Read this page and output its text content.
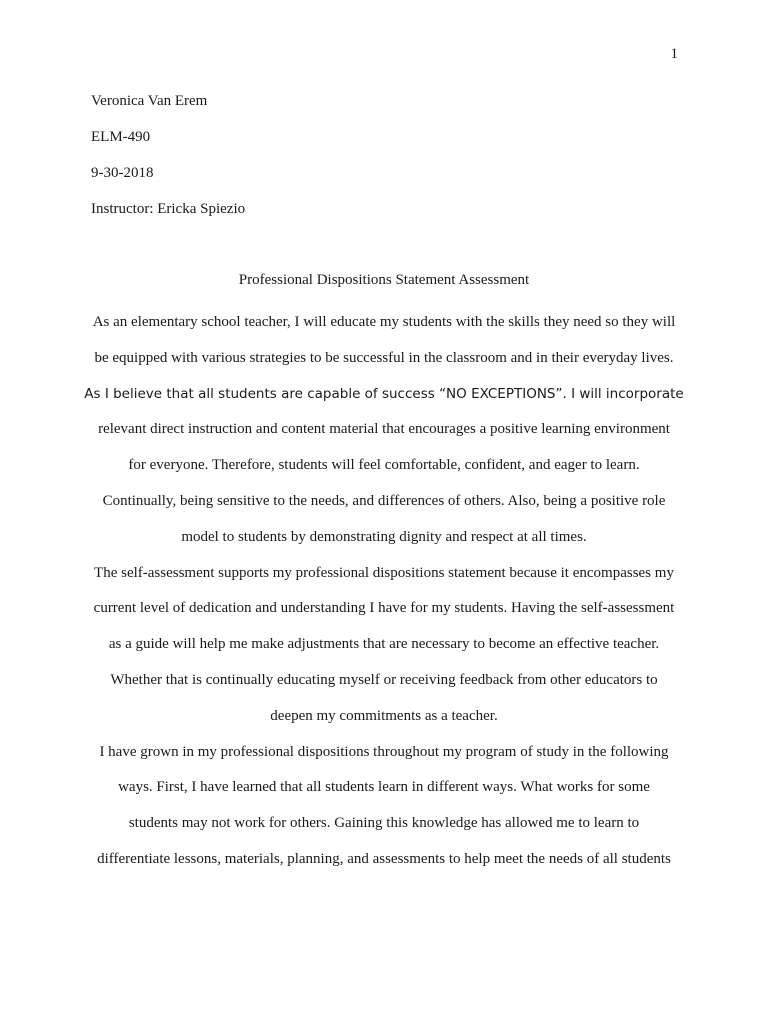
1
Veronica Van Erem
ELM-490
9-30-2018
Instructor: Ericka Spiezio
Professional Dispositions Statement Assessment
As an elementary school teacher, I will educate my students with the skills they need so they will
be equipped with various strategies to be successful in the classroom and in their everyday lives.
As I believe that all students are capable of success “NO EXCEPTIONS”. I will incorporate
relevant direct instruction and content material that encourages a positive learning environment
for everyone. Therefore, students will feel comfortable, confident, and eager to learn.
Continually, being sensitive to the needs, and differences of others. Also, being a positive role
model to students by demonstrating dignity and respect at all times.
The self-assessment supports my professional dispositions statement because it encompasses my
current level of dedication and understanding I have for my students. Having the self-assessment
as a guide will help me make adjustments that are necessary to become an effective teacher.
Whether that is continually educating myself or receiving feedback from other educators to
deepen my commitments as a teacher.
I have grown in my professional dispositions throughout my program of study in the following
ways. First, I have learned that all students learn in different ways. What works for some
students may not work for others. Gaining this knowledge has allowed me to learn to
differentiate lessons, materials, planning, and assessments to help meet the needs of all students
